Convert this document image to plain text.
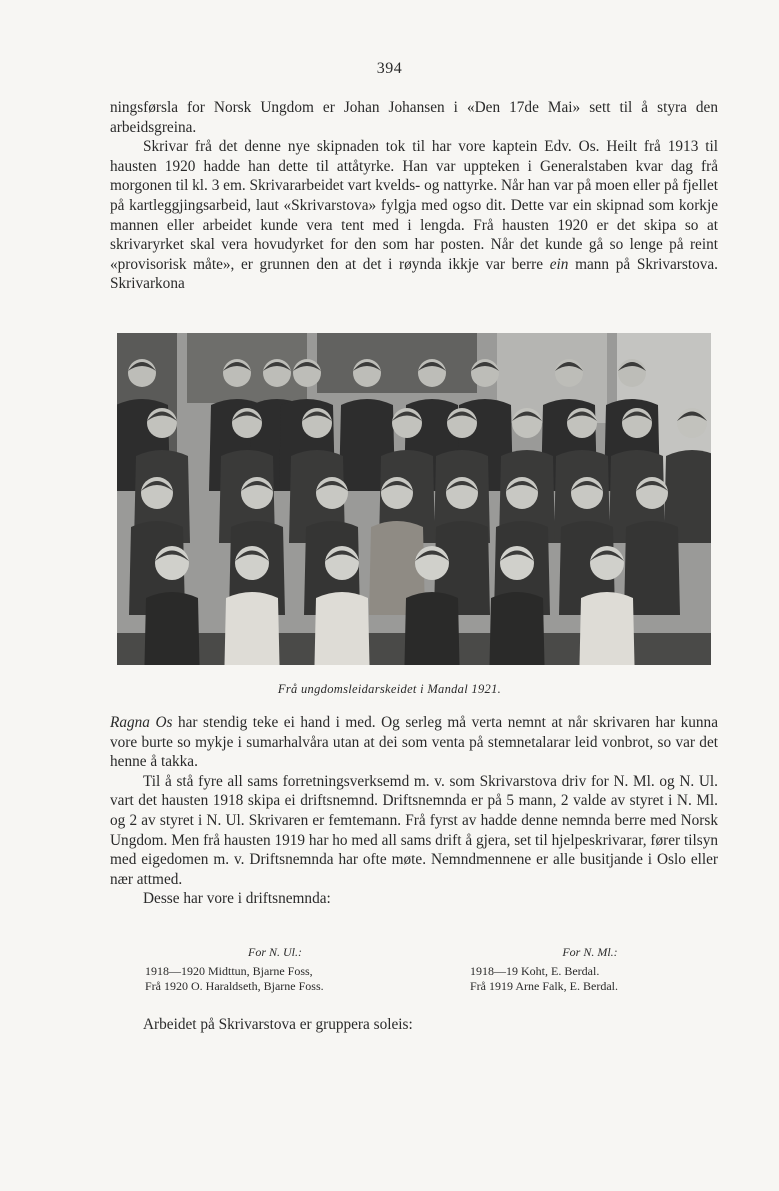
394

ningsførsla for Norsk Ungdom er Johan Johansen i «Den 17de Mai» sett til å styra den arbeidsgreina.

Skrivar frå det denne nye skipnaden tok til har vore kaptein Edv. Os. Heilt frå 1913 til hausten 1920 hadde han dette til attåtyrke. Han var uppteken i Generalstaben kvar dag frå morgonen til kl. 3 em. Skrivararbeidet vart kvelds- og nattyrke. Når han var på moen eller på fjellet på kartleggjingsarbeid, laut «Skrivarstova» fylgja med ogso dit. Dette var ein skipnad som korkje mannen eller arbeidet kunde vera tent med i lengda. Frå hausten 1920 er det skipa so at skrivaryrket skal vera hovudyrket for den som har posten. Når det kunde gå so lenge på reint «provisorisk måte», er grunnen den at det i røynda ikkje var berre ein mann på Skrivarstova. Skrivarkona

Frå ungdomsleidarskeidet i Mandal 1921.

Ragna Os har stendig teke ei hand i med. Og serleg må verta nemnt at når skrivaren har kunna vore burte so mykje i sumarhalvåra utan at dei som venta på stemnetalarar leid vonbrot, so var det henne å takka.

Til å stå fyre all sams forretningsverksemd m. v. som Skrivarstova driv for N. Ml. og N. Ul. vart det hausten 1918 skipa ei driftsnemnd. Driftsnemnda er på 5 mann, 2 valde av styret i N. Ml. og 2 av styret i N. Ul. Skrivaren er femtemann. Frå fyrst av hadde denne nemnda berre med Norsk Ungdom. Men frå hausten 1919 har ho med all sams drift å gjera, set til hjelpeskrivarar, fører tilsyn med eigedomen m. v. Driftsnemnda har ofte møte. Nemndmennene er alle busitjande i Oslo eller nær attmed.

Desse har vore i driftsnemnda:

For N. Ul.:
1918—1920 Midttun, Bjarne Foss,
Frå 1920 O. Haraldseth, Bjarne Foss.
For N. Ml.:
1918—19 Koht, E. Berdal.
Frå 1919 Arne Falk, E. Berdal.
Arbeidet på Skrivarstova er gruppera soleis:
